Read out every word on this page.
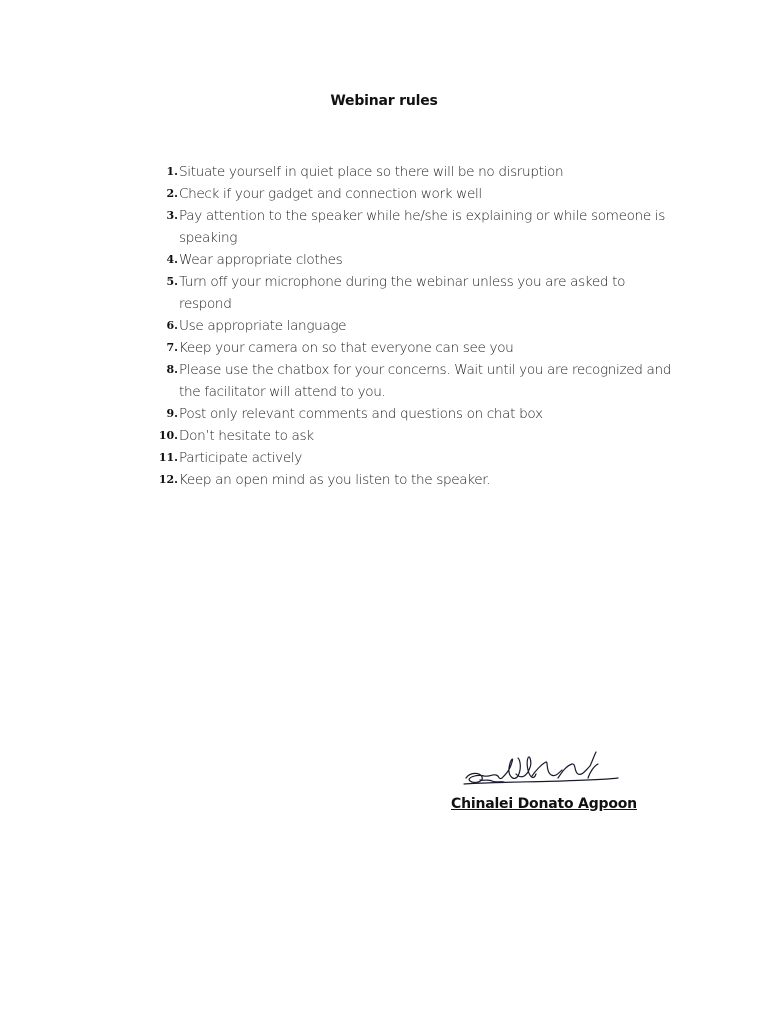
Webinar rules
1. Situate yourself in quiet place so there will be no disruption
2. Check if your gadget and connection work well
3. Pay attention to the speaker while he/she is explaining or while someone is speaking
4. Wear appropriate clothes
5. Turn off your microphone during the webinar unless you are asked to respond
6. Use appropriate language
7. Keep your camera on so that everyone can see you
8. Please use the chatbox for your concerns. Wait until you are recognized and the facilitator will attend to you.
9. Post only relevant comments and questions on chat box
10. Don’t hesitate to ask
11. Participate actively
12. Keep an open mind as you listen to the speaker.
Chinalei Donato Agpoon
